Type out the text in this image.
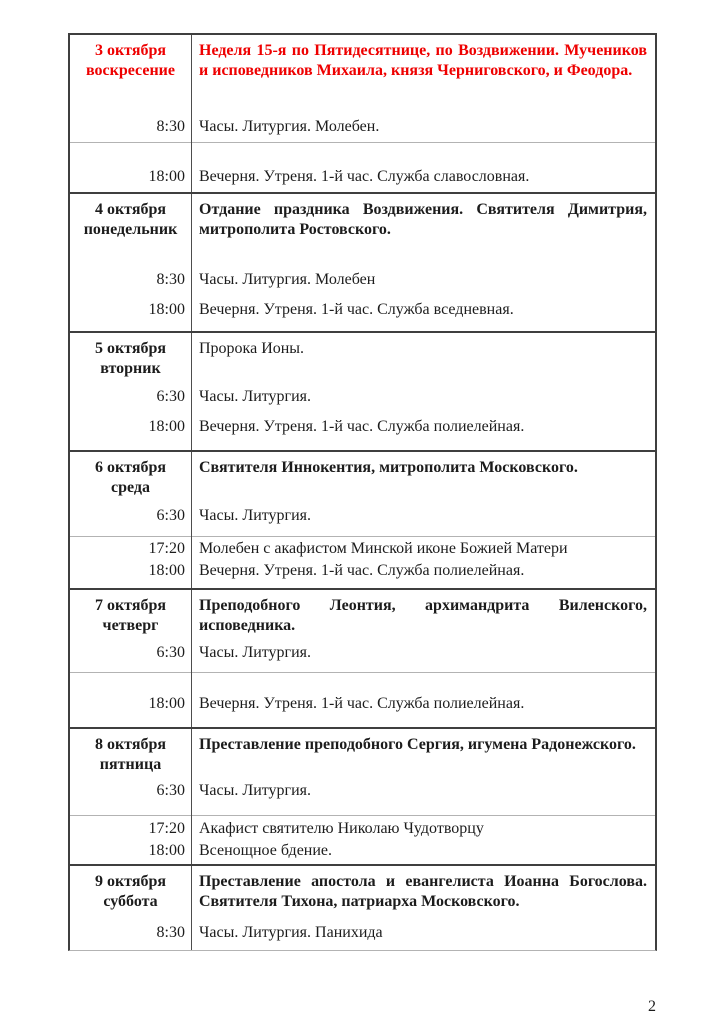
3 октября
воскресение
Неделя 15-я по Пятидесятнице, по Воздвижении. Мучеников и исповедников Михаила, князя Черниговского, и Феодора.
8:30 Часы. Литургия. Молебен.
18:00 Вечерня. Утреня. 1-й час. Служба славословная.
4 октября
понедельник
Отдание праздника Воздвижения. Святителя Димитрия, митрополита Ростовского.
8:30 Часы. Литургия. Молебен
18:00 Вечерня. Утреня. 1-й час. Служба вседневная.
5 октября
вторник
Пророка Ионы.
6:30 Часы. Литургия.
18:00 Вечерня. Утреня. 1-й час. Служба полиелейная.
6 октября
среда
Святителя Иннокентия, митрополита Московского.
6:30 Часы. Литургия.
17:20 Молебен с акафистом Минской иконе Божией Матери
18:00 Вечерня. Утреня. 1-й час. Служба полиелейная.
7 октября
четверг
Преподобного Леонтия, архимандрита Виленского, исповедника.
6:30 Часы. Литургия.
18:00 Вечерня. Утреня. 1-й час. Служба полиелейная.
8 октября
пятница
Преставление преподобного Сергия, игумена Радонежского.
6:30 Часы. Литургия.
17:20 Акафист святителю Николаю Чудотворцу
18:00 Всенощное бдение.
9 октября
суббота
Преставление апостола и евангелиста Иоанна Богослова. Святителя Тихона, патриарха Московского.
8:30 Часы. Литургия. Панихида
2
